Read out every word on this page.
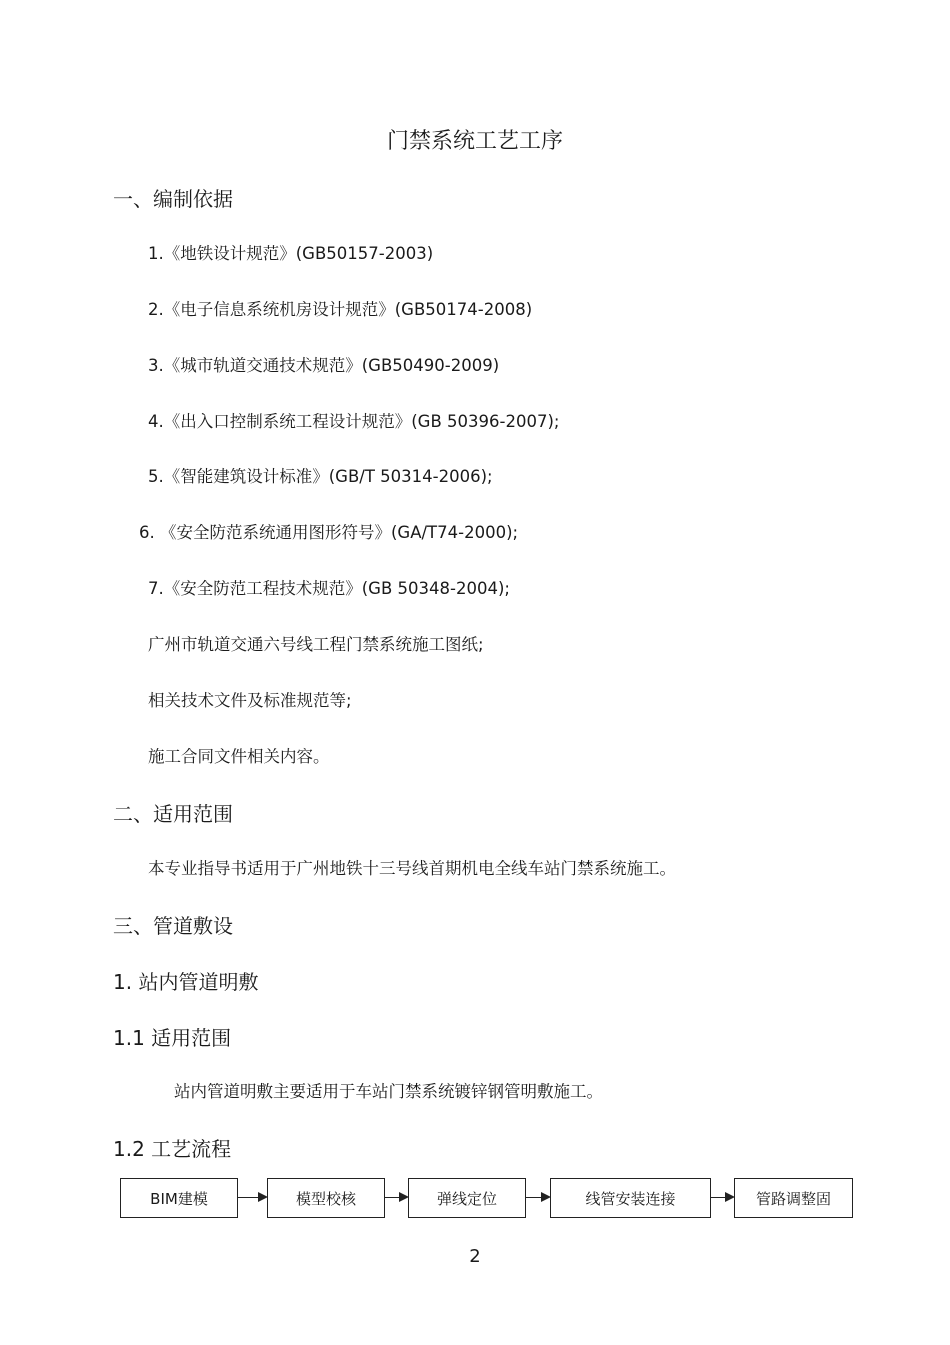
门禁系统工艺工序
一、编制依据
1.《地铁设计规范》(GB50157-2003)
2.《电子信息系统机房设计规范》(GB50174-2008)
3.《城市轨道交通技术规范》(GB50490-2009)
4.《出入口控制系统工程设计规范》(GB 50396-2007);
5.《智能建筑设计标准》(GB/T 50314-2006);
6. 《安全防范系统通用图形符号》(GA/T74-2000);
7.《安全防范工程技术规范》(GB 50348-2004);
广州市轨道交通六号线工程门禁系统施工图纸;
相关技术文件及标准规范等;
施工合同文件相关内容。
二、适用范围
本专业指导书适用于广州地铁十三号线首期机电全线车站门禁系统施工。
三、管道敷设
1. 站内管道明敷
1.1 适用范围
站内管道明敷主要适用于车站门禁系统镀锌钢管明敷施工。
1.2 工艺流程
BIM建模	模型校核	弹线定位	线管安装连接	管路调整固
2
